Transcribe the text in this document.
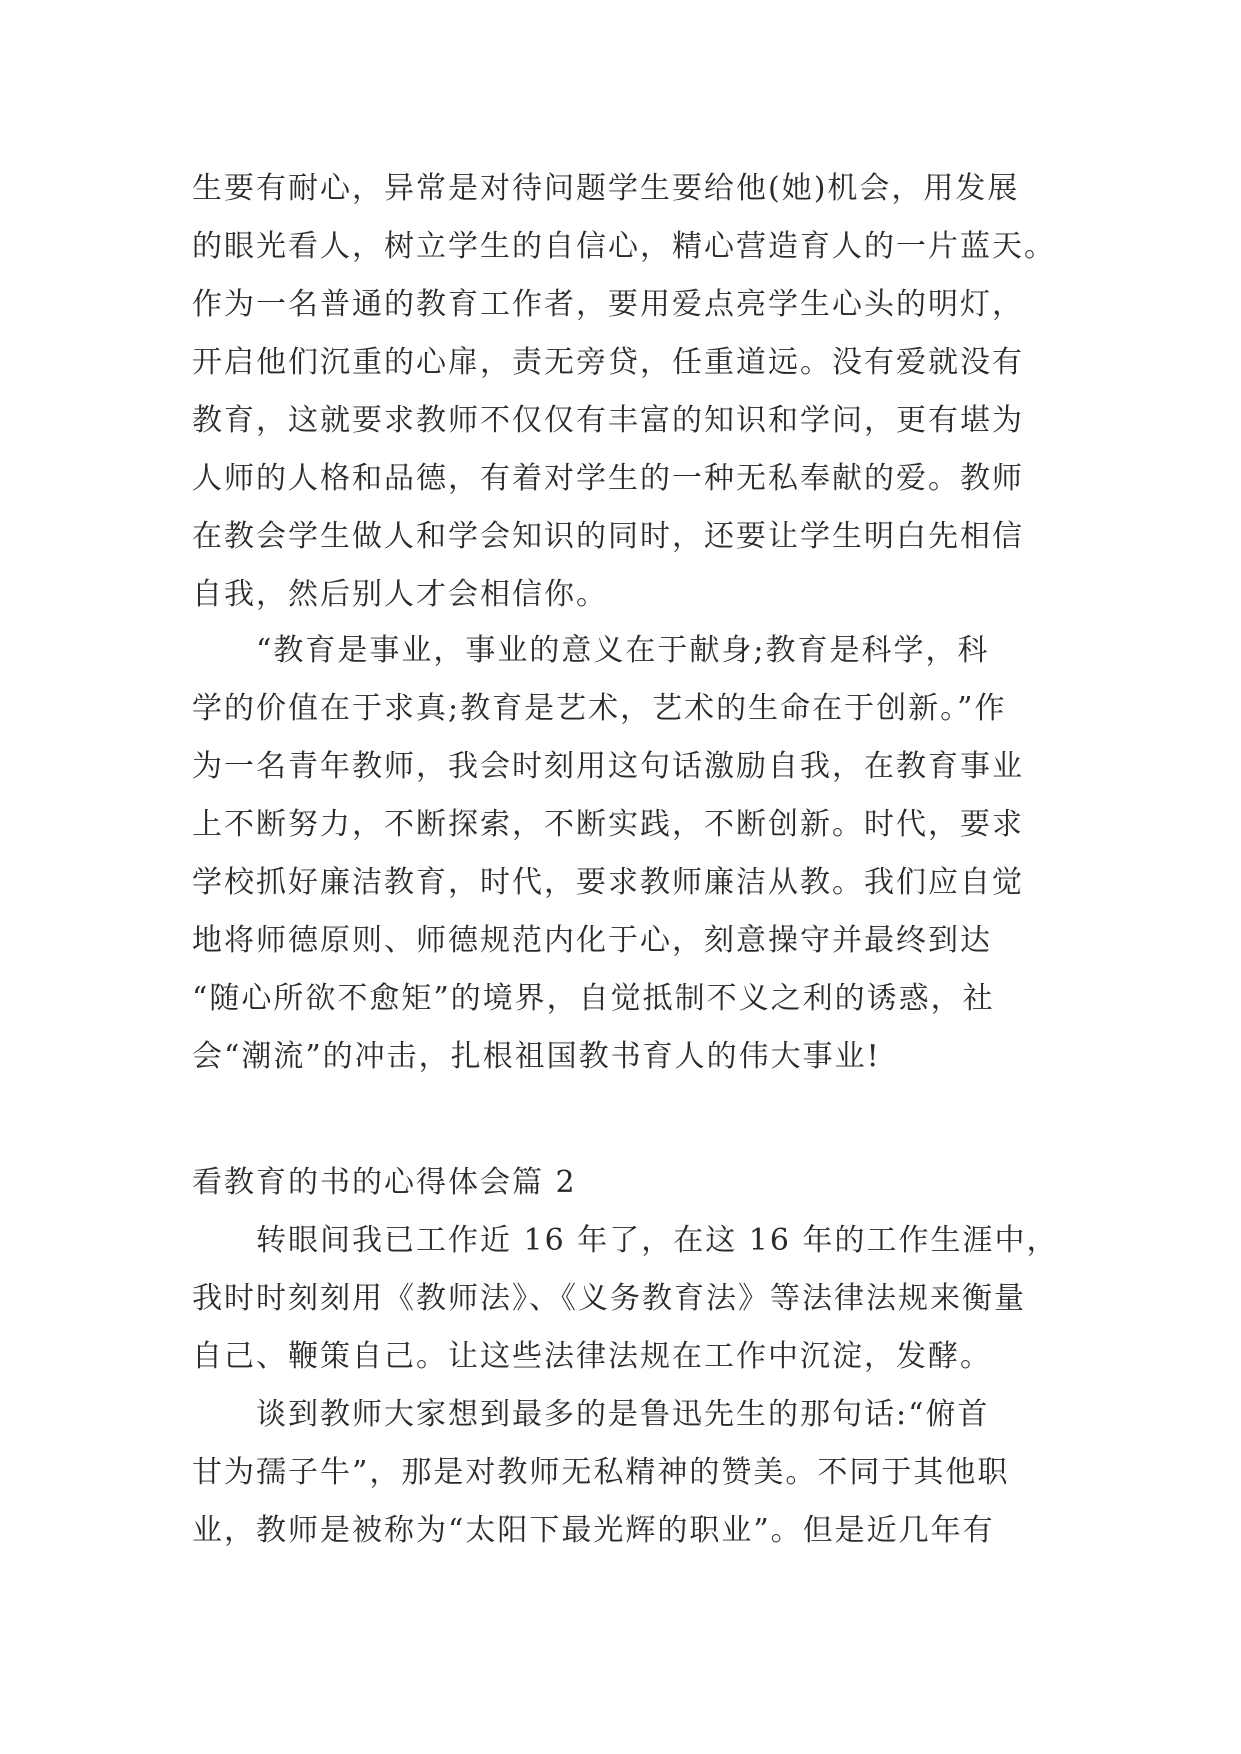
生要有耐心，异常是对待问题学生要给他(她)机会，用发展
的眼光看人，树立学生的自信心，精心营造育人的一片蓝天。
作为一名普通的教育工作者，要用爱点亮学生心头的明灯，
开启他们沉重的心扉，责无旁贷，任重道远。没有爱就没有
教育，这就要求教师不仅仅有丰富的知识和学问，更有堪为
人师的人格和品德，有着对学生的一种无私奉献的爱。教师
在教会学生做人和学会知识的同时，还要让学生明白先相信
自我，然后别人才会相信你。
“教育是事业，事业的意义在于献身;教育是科学，科
学的价值在于求真;教育是艺术，艺术的生命在于创新。”作
为一名青年教师，我会时刻用这句话激励自我，在教育事业
上不断努力，不断探索，不断实践，不断创新。时代，要求
学校抓好廉洁教育，时代，要求教师廉洁从教。我们应自觉
地将师德原则、师德规范内化于心，刻意操守并最终到达
“随心所欲不愈矩”的境界，自觉抵制不义之利的诱惑，社
会“潮流”的冲击，扎根祖国教书育人的伟大事业!
看教育的书的心得体会篇 2
转眼间我已工作近 16 年了，在这 16 年的工作生涯中，
我时时刻刻用《教师法》、《义务教育法》等法律法规来衡量
自己、鞭策自己。让这些法律法规在工作中沉淀，发酵。
谈到教师大家想到最多的是鲁迅先生的那句话:“俯首
甘为孺子牛”，那是对教师无私精神的赞美。不同于其他职
业，教师是被称为“太阳下最光辉的职业”。但是近几年有
